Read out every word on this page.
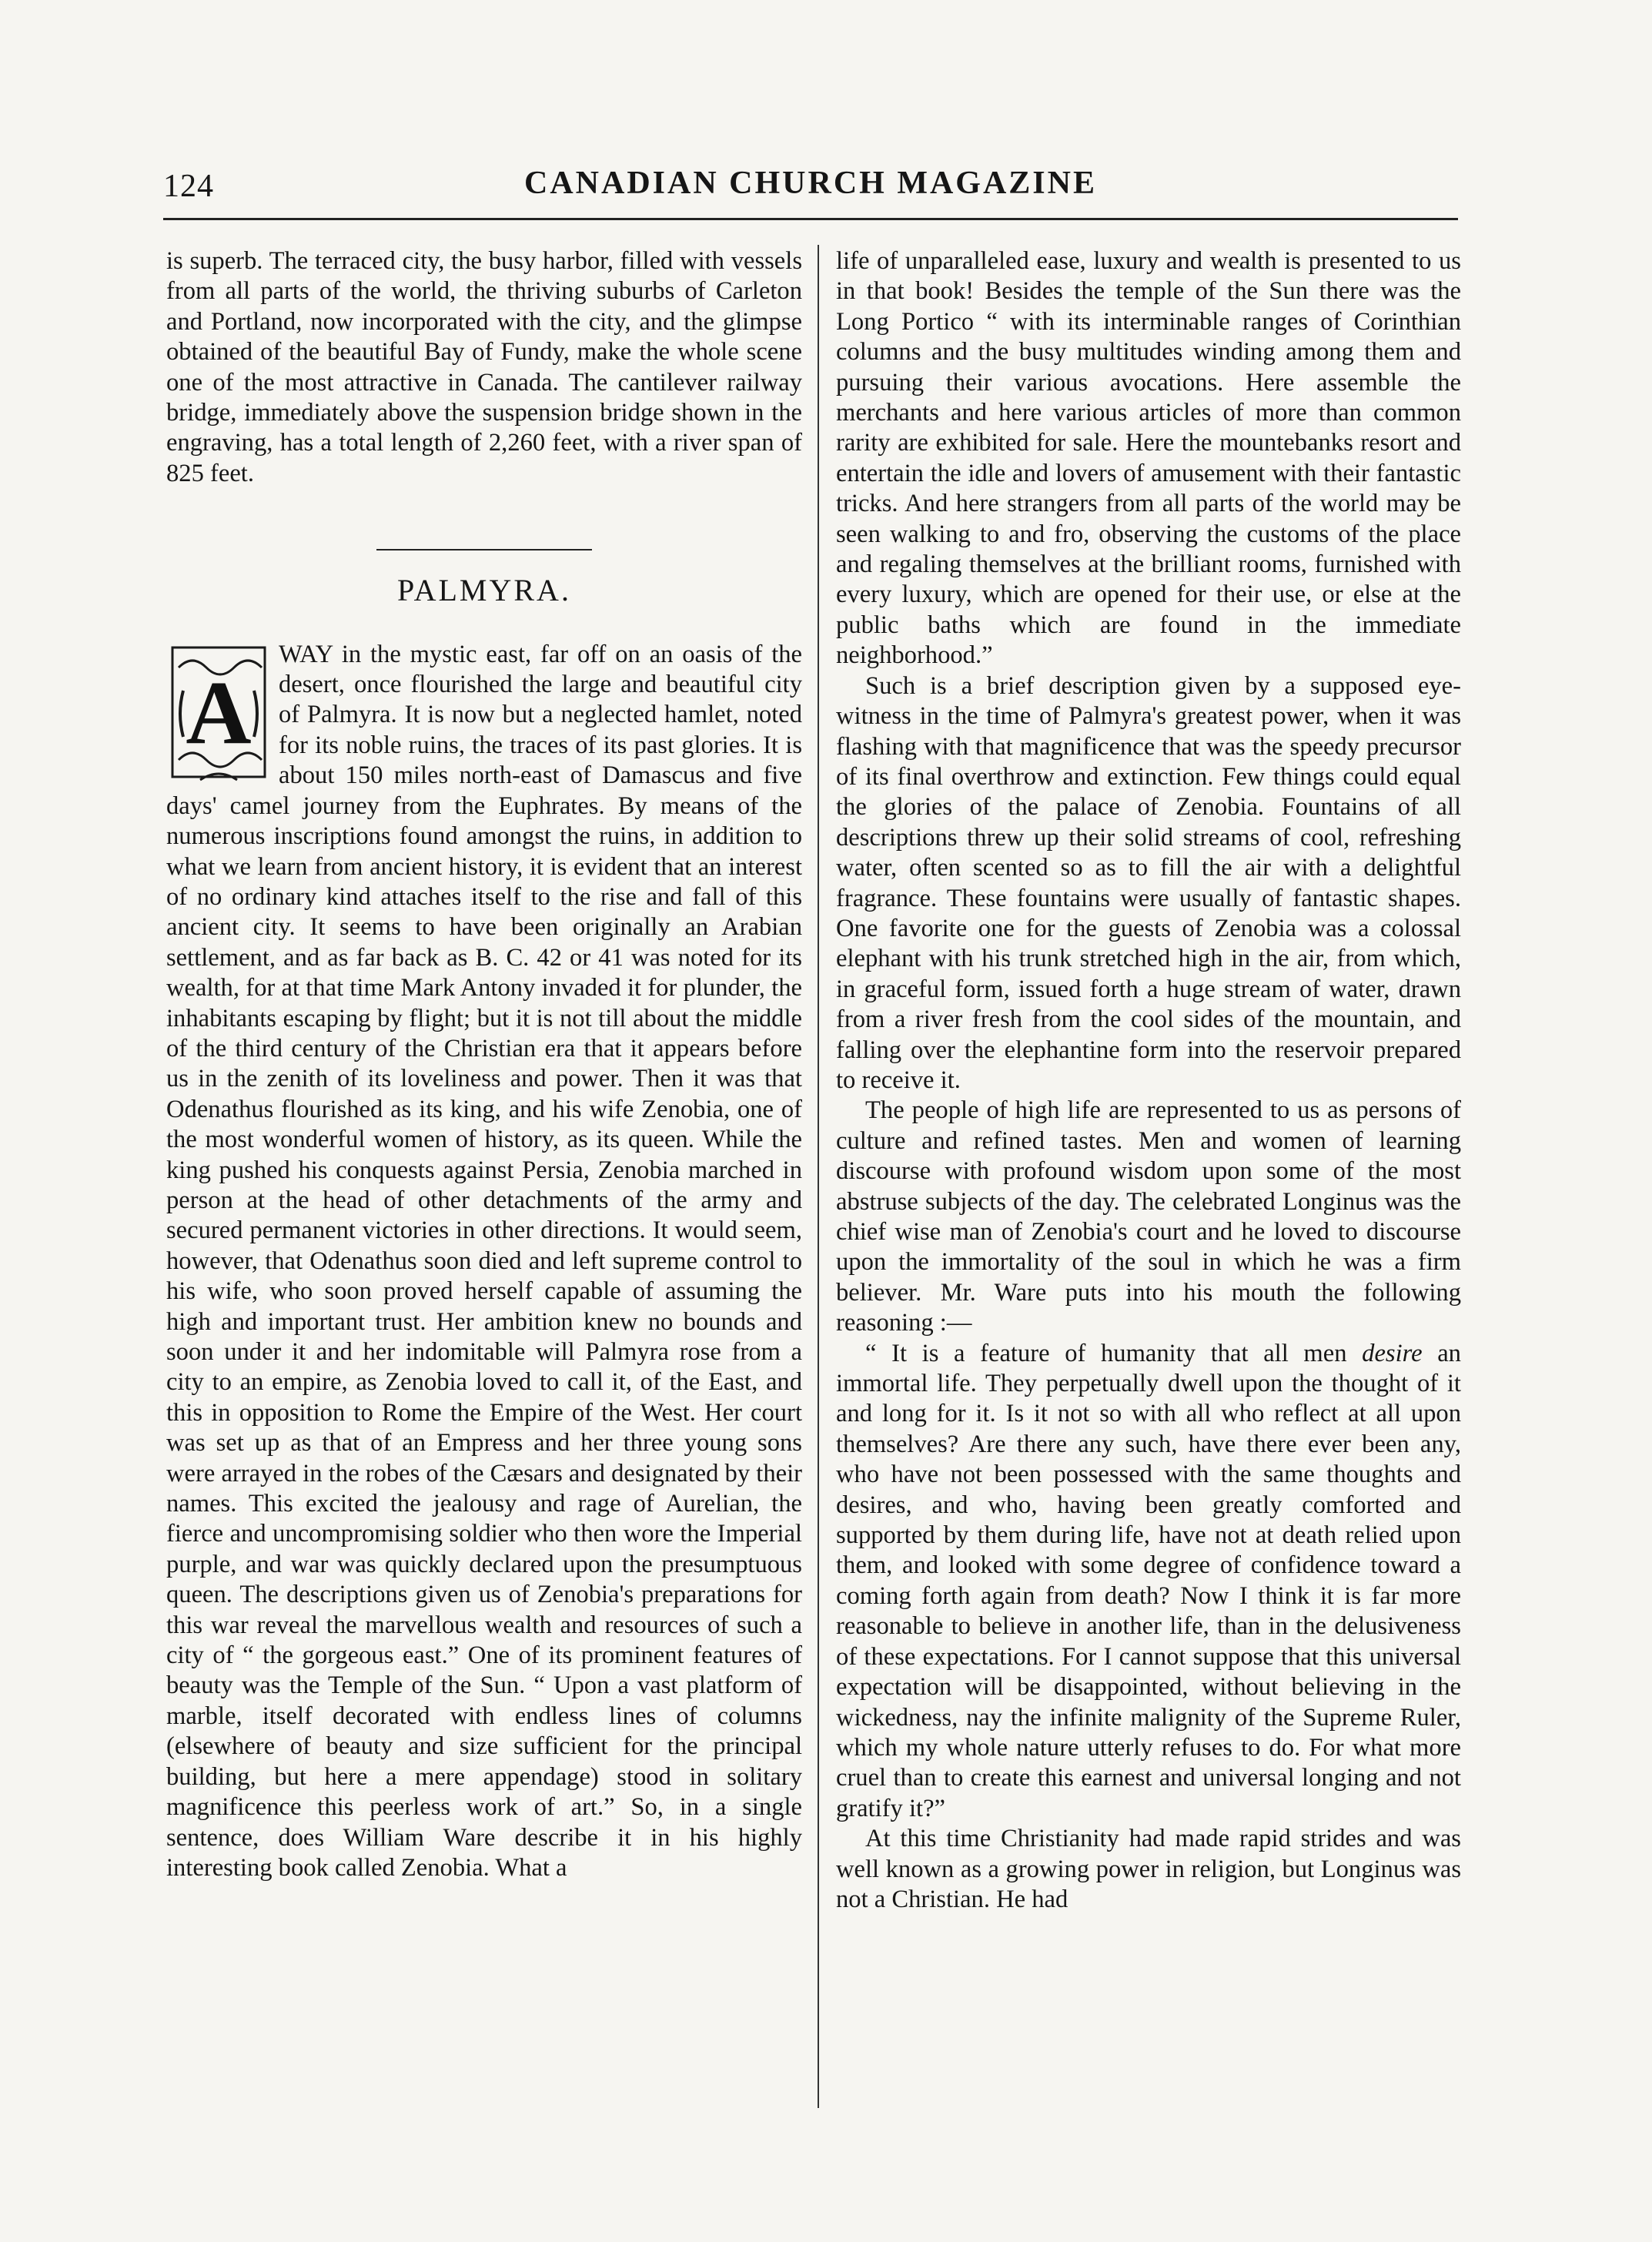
124	CANADIAN CHURCH MAGAZINE

is superb. The terraced city, the busy harbor, filled with vessels from all parts of the world, the thriving suburbs of Carleton and Portland, now incorporated with the city, and the glimpse obtained of the beautiful Bay of Fundy, make the whole scene one of the most attractive in Canada. The cantilever railway bridge, immediately above the suspension bridge shown in the engraving, has a total length of 2,260 feet, with a river span of 825 feet.

PALMYRA.

A
WAY in the mystic east, far off on an oasis of the desert, once flourished the large and beautiful city of Palmyra. It is now but a neglected hamlet, noted for its noble ruins, the traces of its past glories. It is about 150 miles north-east of Damascus and five days' camel journey from the Euphrates. By means of the numerous inscriptions found amongst the ruins, in addition to what we learn from ancient history, it is evident that an interest of no ordinary kind attaches itself to the rise and fall of this ancient city. It seems to have been originally an Arabian settlement, and as far back as B. C. 42 or 41 was noted for its wealth, for at that time Mark Antony invaded it for plunder, the inhabitants escaping by flight; but it is not till about the middle of the third century of the Christian era that it appears before us in the zenith of its loveliness and power. Then it was that Odenathus flourished as its king, and his wife Zenobia, one of the most wonderful women of history, as its queen. While the king pushed his conquests against Persia, Zenobia marched in person at the head of other detachments of the army and secured permanent victories in other directions. It would seem, however, that Odenathus soon died and left supreme control to his wife, who soon proved herself capable of assuming the high and important trust. Her ambition knew no bounds and soon under it and her indomitable will Palmyra rose from a city to an empire, as Zenobia loved to call it, of the East, and this in opposition to Rome the Empire of the West. Her court was set up as that of an Empress and her three young sons were arrayed in the robes of the Cæsars and designated by their names. This excited the jealousy and rage of Aurelian, the fierce and uncompromising soldier who then wore the Imperial purple, and war was quickly declared upon the presumptuous queen. The descriptions given us of Zenobia's preparations for this war reveal the marvellous wealth and resources of such a city of “ the gorgeous east.” One of its prominent features of beauty was the Temple of the Sun. “ Upon a vast platform of marble, itself decorated with endless lines of columns (elsewhere of beauty and size sufficient for the principal building, but here a mere appendage) stood in solitary magnificence this peerless work of art.” So, in a single sentence, does William Ware describe it in his highly interesting book called Zenobia. What a

life of unparalleled ease, luxury and wealth is presented to us in that book! Besides the temple of the Sun there was the Long Portico “ with its interminable ranges of Corinthian columns and the busy multitudes winding among them and pursuing their various avocations. Here assemble the merchants and here various articles of more than common rarity are exhibited for sale. Here the mountebanks resort and entertain the idle and lovers of amusement with their fantastic tricks. And here strangers from all parts of the world may be seen walking to and fro, observing the customs of the place and regaling themselves at the brilliant rooms, furnished with every luxury, which are opened for their use, or else at the public baths which are found in the immediate neighborhood.”

Such is a brief description given by a supposed eye-witness in the time of Palmyra's greatest power, when it was flashing with that magnificence that was the speedy precursor of its final overthrow and extinction. Few things could equal the glories of the palace of Zenobia. Fountains of all descriptions threw up their solid streams of cool, refreshing water, often scented so as to fill the air with a delightful fragrance. These fountains were usually of fantastic shapes. One favorite one for the guests of Zenobia was a colossal elephant with his trunk stretched high in the air, from which, in graceful form, issued forth a huge stream of water, drawn from a river fresh from the cool sides of the mountain, and falling over the elephantine form into the reservoir prepared to receive it.

The people of high life are represented to us as persons of culture and refined tastes. Men and women of learning discourse with profound wisdom upon some of the most abstruse subjects of the day. The celebrated Longinus was the chief wise man of Zenobia's court and he loved to discourse upon the immortality of the soul in which he was a firm believer. Mr. Ware puts into his mouth the following reasoning :—

“ It is a feature of humanity that all men desire an immortal life. They perpetually dwell upon the thought of it and long for it. Is it not so with all who reflect at all upon themselves? Are there any such, have there ever been any, who have not been possessed with the same thoughts and desires, and who, having been greatly comforted and supported by them during life, have not at death relied upon them, and looked with some degree of confidence toward a coming forth again from death? Now I think it is far more reasonable to believe in another life, than in the delusiveness of these expectations. For I cannot suppose that this universal expectation will be disappointed, without believing in the wickedness, nay the infinite malignity of the Supreme Ruler, which my whole nature utterly refuses to do. For what more cruel than to create this earnest and universal longing and not gratify it?”

At this time Christianity had made rapid strides and was well known as a growing power in religion, but Longinus was not a Christian. He had
